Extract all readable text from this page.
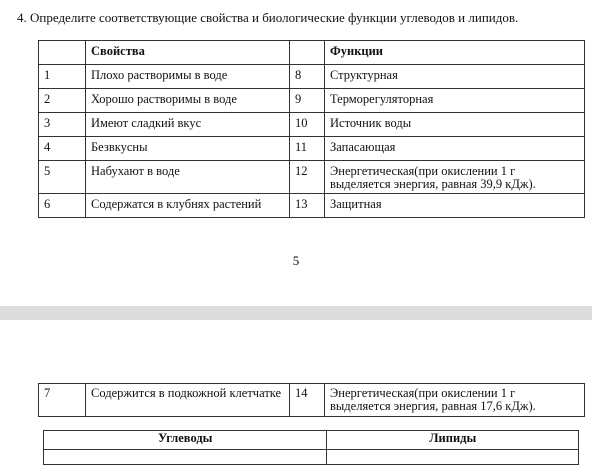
4. Определите соответствующие свойства и биологические функции углеводов и липидов.
	Свойства		Функции
1	Плохо растворимы в воде	8	Структурная
2	Хорошо растворимы в воде	9	Терморегуляторная
3	Имеют сладкий вкус	10	Источник воды
4	Безвкусны	11	Запасающая
5	Набухают в воде	12	Энергетическая(при окислении 1 г выделяется энергия, равная 39,9 кДж).
6	Содержатся в клубнях растений	13	Защитная
5
7	Содержится в подкожной клетчатке	14	Энергетическая(при окислении 1 г выделяется энергия, равная 17,6 кДж).
Углеводы	Липиды
